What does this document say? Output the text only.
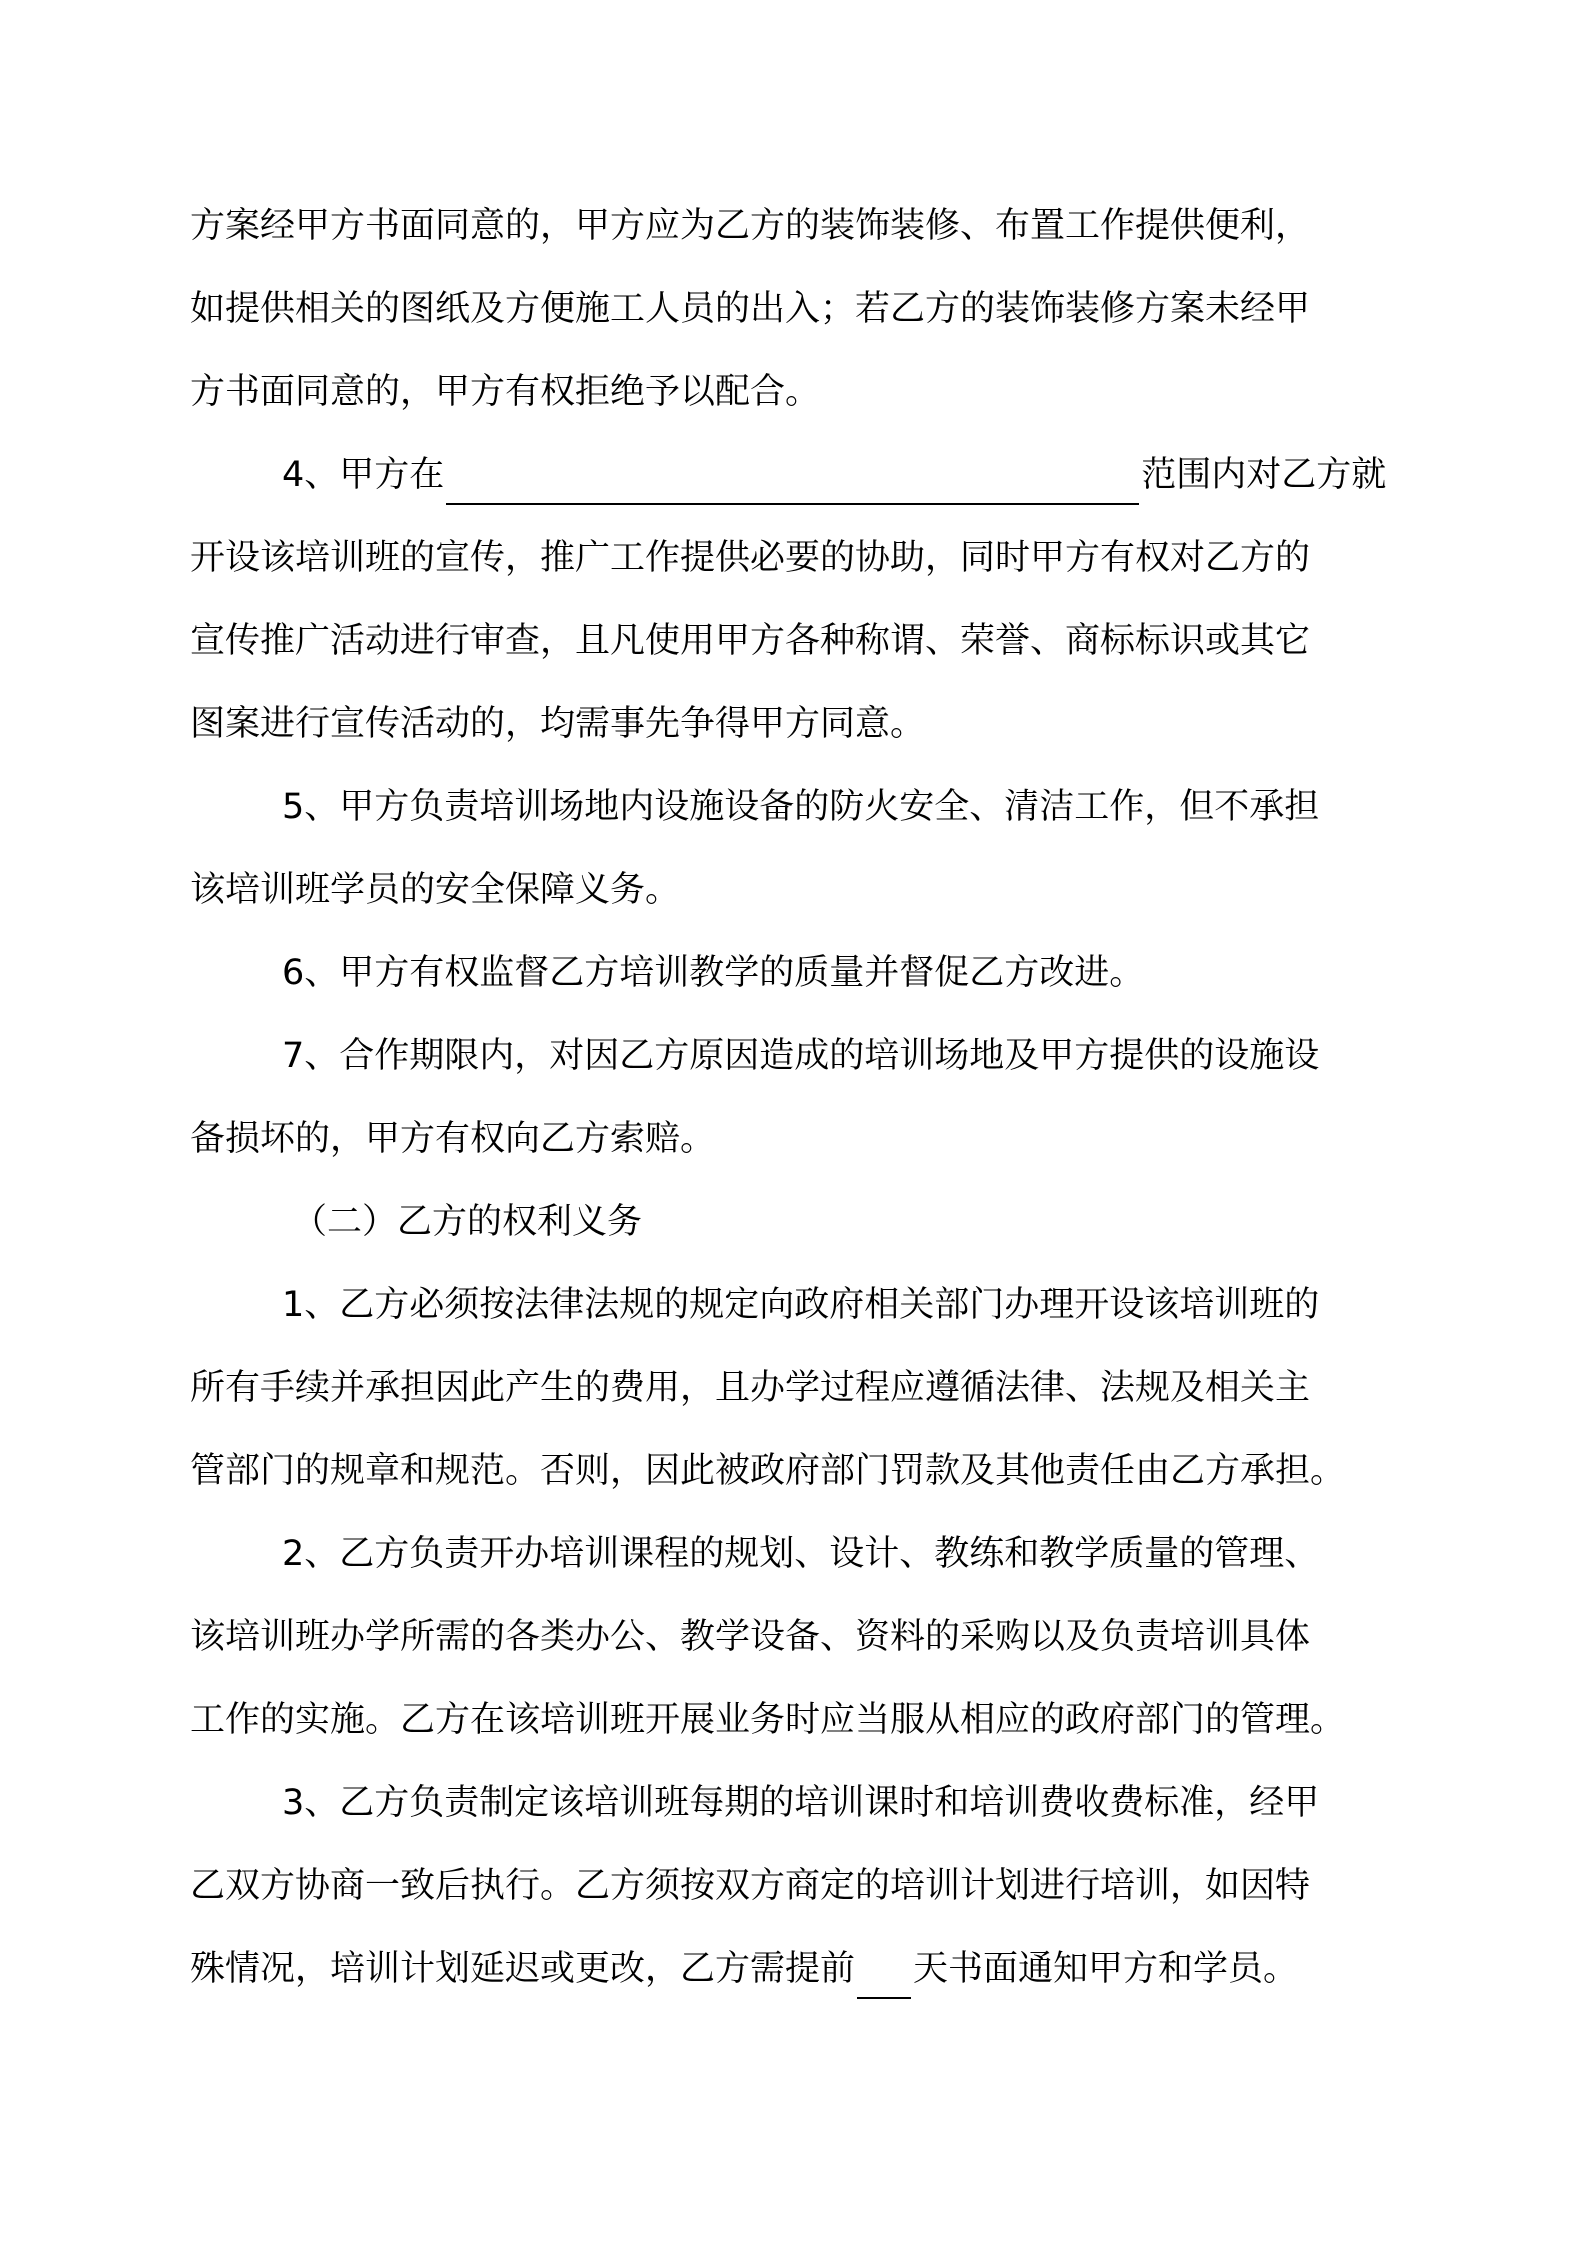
方案经甲方书面同意的，甲方应为乙方的装饰装修、布置工作提供便利，
如提供相关的图纸及方便施工人员的出入；若乙方的装饰装修方案未经甲
方书面同意的，甲方有权拒绝予以配合。
4、甲方在	范围内对乙方就
开设该培训班的宣传，推广工作提供必要的协助，同时甲方有权对乙方的
宣传推广活动进行审查，且凡使用甲方各种称谓、荣誉、商标标识或其它
图案进行宣传活动的，均需事先争得甲方同意。
5、甲方负责培训场地内设施设备的防火安全、清洁工作，但不承担
该培训班学员的安全保障义务。
6、甲方有权监督乙方培训教学的质量并督促乙方改进。
7、合作期限内，对因乙方原因造成的培训场地及甲方提供的设施设
备损坏的，甲方有权向乙方索赔。
（二）乙方的权利义务
1、乙方必须按法律法规的规定向政府相关部门办理开设该培训班的
所有手续并承担因此产生的费用，且办学过程应遵循法律、法规及相关主
管部门的规章和规范。否则，因此被政府部门罚款及其他责任由乙方承担。
2、乙方负责开办培训课程的规划、设计、教练和教学质量的管理、
该培训班办学所需的各类办公、教学设备、资料的采购以及负责培训具体
工作的实施。乙方在该培训班开展业务时应当服从相应的政府部门的管理。
3、乙方负责制定该培训班每期的培训课时和培训费收费标准，经甲
乙双方协商一致后执行。乙方须按双方商定的培训计划进行培训，如因特
殊情况，培训计划延迟或更改，乙方需提前 天书面通知甲方和学员。
